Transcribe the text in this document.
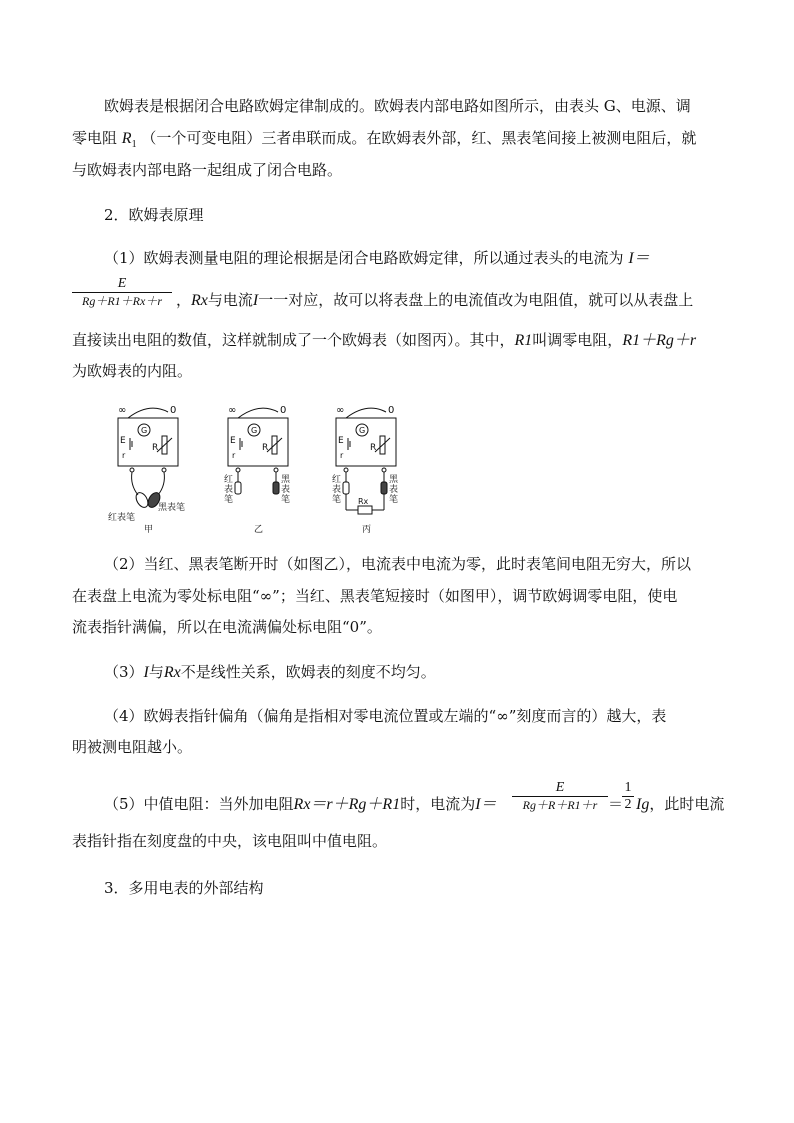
欧姆表是根据闭合电路欧姆定律制成的。欧姆表内部电路如图所示，由表头 G、电源、调
零电阻 $R_1$ （一个可变电阻）三者串联而成。在欧姆表外部，红、黑表笔间接上被测电阻后，就
与欧姆表内部电路一起组成了闭合电路。
2．欧姆表原理
（1）欧姆表测量电阻的理论根据是闭合电路欧姆定律，所以通过表头的电流为 I＝
E
Rg＋R1＋Rx＋r ，Rx与电流I一一对应，故可以将表盘上的电流值改为电阻值，就可以从表盘上
直接读出电阻的数值，这样就制成了一个欧姆表（如图丙）。其中，R1叫调零电阻，R1＋Rg＋r
为欧姆表的内阻。
∞	0
G
E
r
R
红表笔
黑表笔
甲
∞	0
G
E
r
R
红
表
笔
黑
表
笔
乙
∞	0
G
E
r
R
Rx
红
表
笔
黑
表
笔
丙
（2）当红、黑表笔断开时（如图乙），电流表中电流为零，此时表笔间电阻无穷大，所以
在表盘上电流为零处标电阻“∞”；当红、黑表笔短接时（如图甲），调节欧姆调零电阻，使电
流表指针满偏，所以在电流满偏处标电阻“0”。
（3）I与Rx不是线性关系，欧姆表的刻度不均匀。
（4）欧姆表指针偏角（偏角是指相对零电流位置或左端的“∞”刻度而言的）越大，表
明被测电阻越小。
（5）中值电阻：当外加电阻Rx＝r＋Rg＋R1时，电流为I＝
E
Rg＋R＋R1＋r ＝
1
2 Ig，此时电流
表指针指在刻度盘的中央，该电阻叫中值电阻。
3．多用电表的外部结构
